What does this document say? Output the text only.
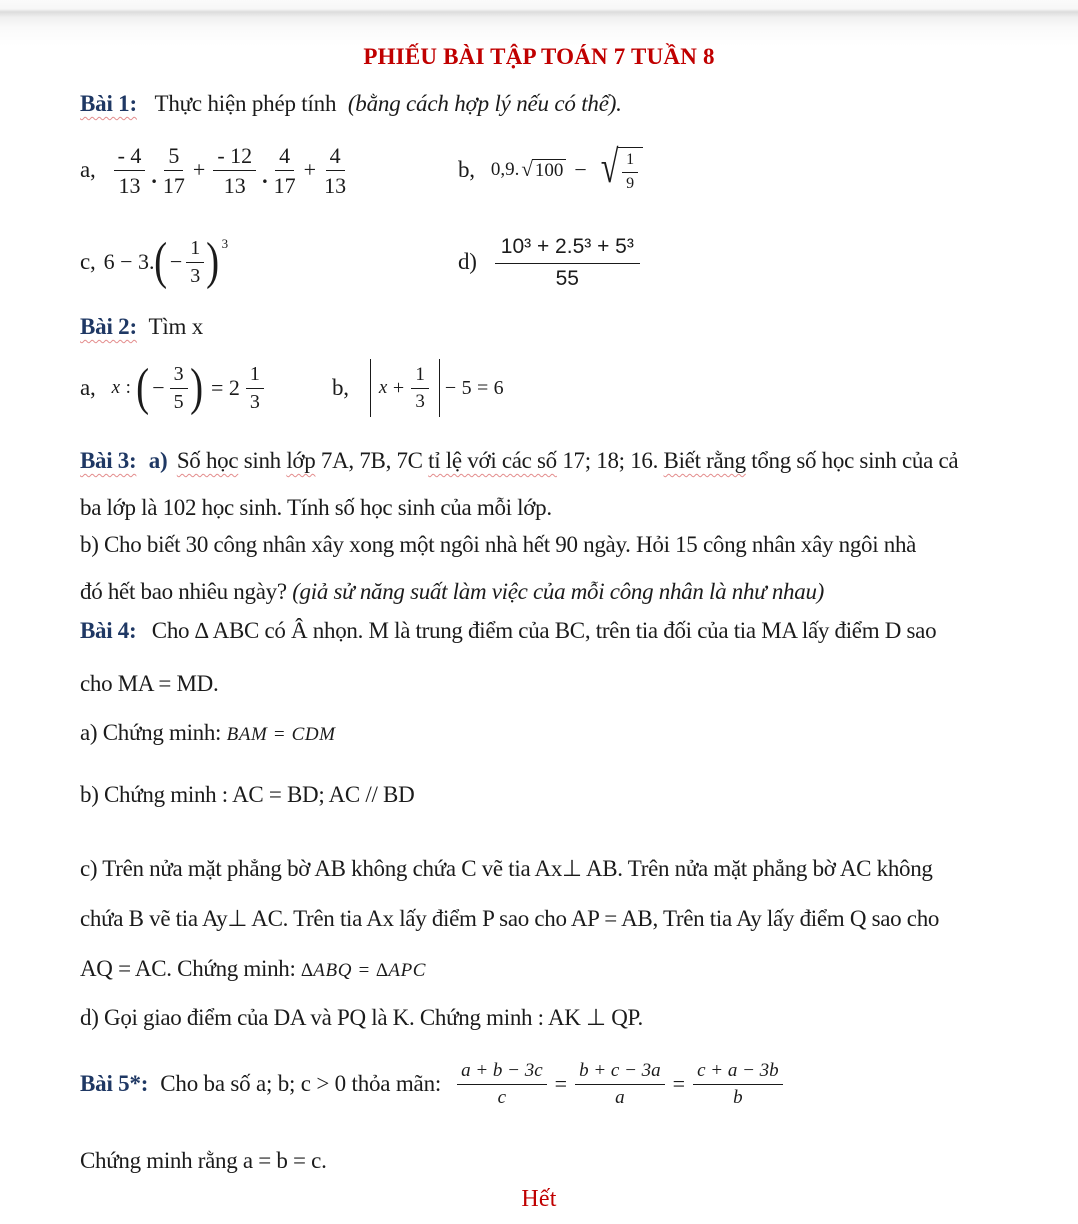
PHIẾU BÀI TẬP TOÁN 7 TUẦN 8
Bài 1: Thực hiện phép tính (bằng cách hợp lý nếu có thể).
a, $\frac{- 4}{13}$ . $\frac{5}{17} + \frac{- 12}{13}$ . $\frac{4}{17} + \frac{4}{13}$	b, 0,9. √ 100 − √ $\frac{1}{9}$
c, 6 − 3. ( − $\frac{1}{3}$ ) 3
$d) \frac{\text{10³ + 2.5³ + 5³}}{55}$
Bài 2: Tìm x
a, x : ( − $\frac{3}{5}$ ) = $2 \frac{1}{3}$	b, $x + \frac{1}{3} - 5 = 6$
Bài 3: a) Số học sinh lớp 7A, 7B, 7C tỉ lệ với các số 17; 18; 16. Biết rằng tổng số học sinh của cả
ba lớp là 102 học sinh. Tính số học sinh của mỗi lớp.
b) Cho biết 30 công nhân xây xong một ngôi nhà hết 90 ngày. Hỏi 15 công nhân xây ngôi nhà
đó hết bao nhiêu ngày? (giả sử năng suất làm việc của mỗi công nhân là như nhau)
Bài 4: Cho ∆ ABC có Â nhọn. M là trung điểm của BC, trên tia đối của tia MA lấy điểm D sao
cho MA = MD.
a) Chứng minh: BAM = CDM
b) Chứng minh : AC = BD; AC // BD
c) Trên nửa mặt phẳng bờ AB không chứa C vẽ tia Ax⊥ AB. Trên nửa mặt phẳng bờ AC không
chứa B vẽ tia Ay⊥ AC. Trên tia Ax lấy điểm P sao cho AP = AB, Trên tia Ay lấy điểm Q sao cho
AQ = AC. Chứng minh: ∆ABQ = ∆APC
d) Gọi giao điểm của DA và PQ là K. Chứng minh : AK ⊥ QP.
Bài 5*: Cho ba số a; b; c > 0 thỏa mãn: $\frac{a + b - 3c}{c} = \frac{b + c - 3a}{a} = \frac{c + a - 3b}{b}$
Chứng minh rằng a = b = c.
Hết
